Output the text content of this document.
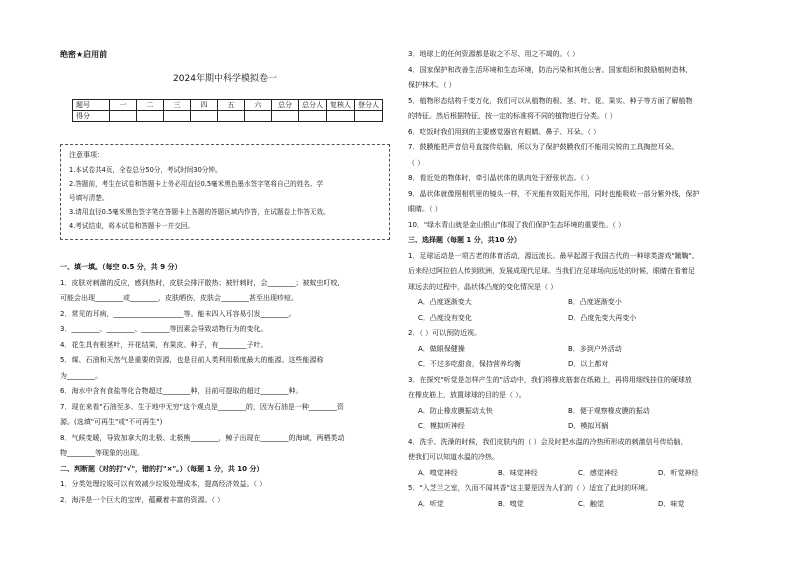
绝密★启用前
2024年期中科学模拟卷一
题号	一	二	三	四	五	六	总分	总分人	复核人	登分人
得分										
注意事项：

1.本试卷共4页，全卷总分50分，考试时间30分钟。

2.答题前，考生在试卷和答题卡上务必用直径0.5毫米黑色墨水签字笔将自己的姓名、学

号填写清楚。

3.请用直径0.5毫米黑色签字笔在答题卡上各题的答题区域内作答，在试题卷上作答无效。

4.考试结束，将本试卷和答题卡一并交回。

一、填一填。（每空 0.5 分，共 9 分）
1．皮肤对刺激的反应，感到热时，皮肤会排汗散热；被针刺时，会________；被蚊虫叮咬,
可能会出现________或________，皮肤晒伤，皮肤会________甚至出现疹痘。
2．常见的耳病，____________________等。能末四入耳容易引发________。
3．________、________、________等因素会导致动物行为的变化。
4．花生具有根茎叶，开花结果，有果皮、种子，有________子叶。
5．煤、石油和天然气是重要的资源，也是目前人类利用极度最大的能源。这些能源称
为________。
6．海水中含有食盐等化合物超过________种，目前可提取的超过________种。
7．现在来看"石油至多、生于地中无穷"这个观点是________的，因为石油是一种________资
源。(选填"可再生"或"不可再生")
8．气候变暖，导致加拿大的北极、北极熊________，鲸子出现在________的海域，两栖类动
物________等现象的出现。
二、判断题（对的打"√"，错的打"×"。）（每题 1 分，共 10 分）
1．分类处理垃圾可以有效减少垃圾处理成本，提高经济效益。（ ）
2．海洋是一个巨大的宝库，蕴藏着丰富的资源。（ ）
3．地球上的任何资源都是取之不尽、用之不竭的。（ ）
4．国家保护和改善生活环境和生态环境，防治污染和其他公害。国家组织和鼓励植树造林，
保护林木。（ ）
5．植物形态结构千变万化，我们可以从植物的根、茎、叶、花、果实、种子等方面了解植物
的特征。然后根据特征，按一定的标准将不同的植物进行分类。（ ）
6．吃饭时我们用到的主要感觉器官有眼睛、鼻子、耳朵。（ ）
7．鼓膜能把声音信号直接传给脑，所以为了保护鼓膜我们不能用尖锐的工具掏挖耳朵。
（ ）
8．看近处的物体时，牵引晶状体的肌肉处于舒张状态。（ ）
9．晶状体就像照相机里的镜头一样，不光能有效阻光作用，同时也能吸收一部分紫外线，保护
眼睛。（ ）
10．"绿水青山就是金山银山"体现了我们保护生态环境的重要性。（ ）
三、选择题（每题 1 分，共10 分）
1．足球运动是一项古老的体育活动，源远流长。最早起源于我国古代的一种球类游戏"蹴鞠",
后来经过阿拉伯人传到欧洲，发展成现代足球。当我们在足球场向远处的时候，眼睛在看着足
球远去的过程中，晶状体凸度的变化情况是（ ）
A．凸度逐渐变大	B．凸度逐渐变小
C．凸度没有变化	D．凸度先变大再变小
2．（ ）可以预防近视。
A．做眼保健操	B．多到户外活动
C．不过多吃甜食，保持营养均衡	D．以上都对
3．在探究"听觉是怎样产生的"活动中，我们将橡皮筋套在纸箱上，再将用细线挂住的硬球放
在橡皮筋上，放置球球的目的是（ ）。
A．防止橡皮膜振动太快	B．便于观察橡皮膜的振动
C．模拟听神经	D．模拟耳蜗
4．洗手、洗澡的时候，我们皮肤内的（ ）会及时把水温的冷热所形成的刺激信号传给脑，
使我们可以知道水温的冷热。
A．嗅觉神经	B．味觉神经	C．感觉神经	D．听觉神经
5．"入芝兰之室，久而不闻其香"这主要是因为人们的（ ）适宜了此时的环境。
A．听觉	B．嗅觉	C．触觉	D．味觉
